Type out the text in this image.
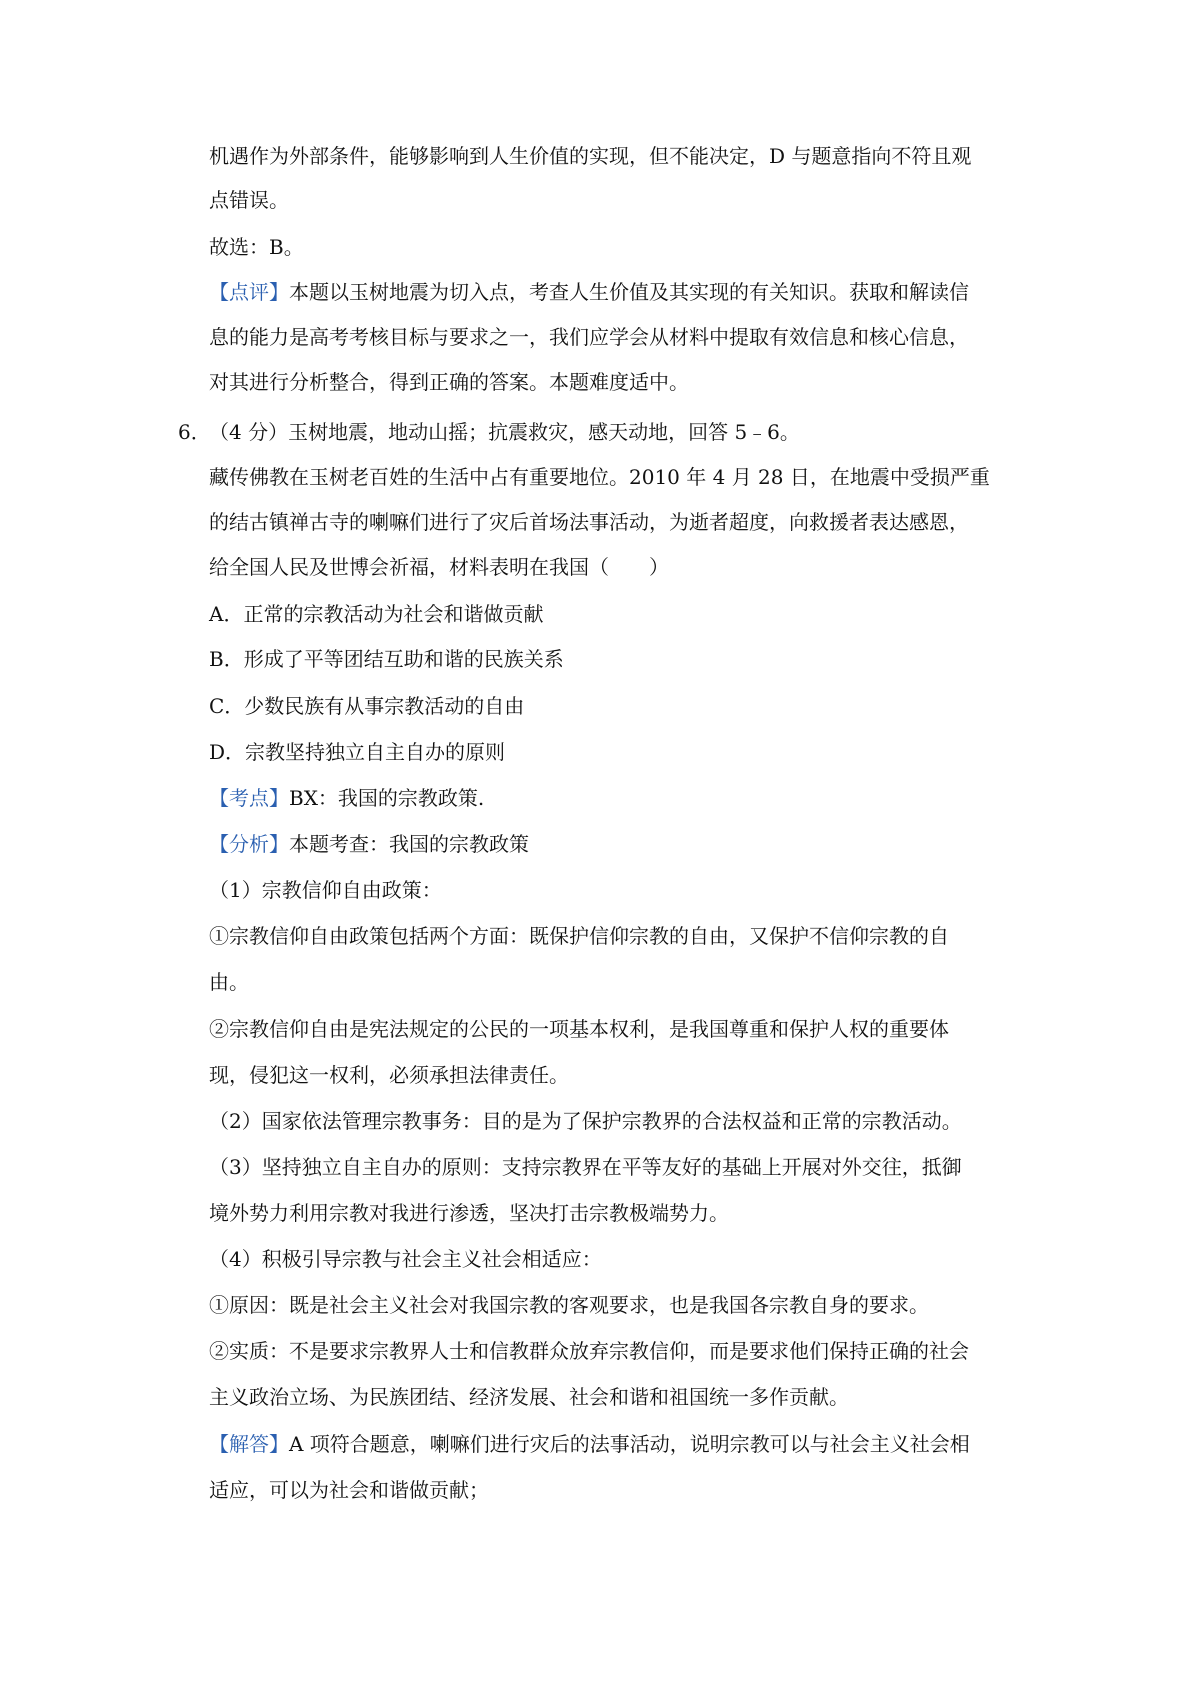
机遇作为外部条件，能够影响到人生价值的实现，但不能决定，D 与题意指向不符且观
点错误。
故选：B。
【点评】本题以玉树地震为切入点，考查人生价值及其实现的有关知识。获取和解读信
息的能力是高考考核目标与要求之一，我们应学会从材料中提取有效信息和核心信息，
对其进行分析整合，得到正确的答案。本题难度适中。
6．
（4 分）玉树地震，地动山摇；抗震救灾，感天动地，回答 5﹣6。
藏传佛教在玉树老百姓的生活中占有重要地位。2010 年 4 月 28 日，在地震中受损严重
的结古镇禅古寺的喇嘛们进行了灾后首场法事活动，为逝者超度，向救援者表达感恩，
给全国人民及世博会祈福，材料表明在我国（　　）
A．正常的宗教活动为社会和谐做贡献
B．形成了平等团结互助和谐的民族关系
C．少数民族有从事宗教活动的自由
D．宗教坚持独立自主自办的原则
【考点】BX：我国的宗教政策.
【分析】本题考查：我国的宗教政策
（1）宗教信仰自由政策：
①宗教信仰自由政策包括两个方面：既保护信仰宗教的自由，又保护不信仰宗教的自
由。
②宗教信仰自由是宪法规定的公民的一项基本权利，是我国尊重和保护人权的重要体
现，侵犯这一权利，必须承担法律责任。
（2）国家依法管理宗教事务：目的是为了保护宗教界的合法权益和正常的宗教活动。
（3）坚持独立自主自办的原则：支持宗教界在平等友好的基础上开展对外交往，抵御
境外势力利用宗教对我进行渗透，坚决打击宗教极端势力。
（4）积极引导宗教与社会主义社会相适应：
①原因：既是社会主义社会对我国宗教的客观要求，也是我国各宗教自身的要求。
②实质：不是要求宗教界人士和信教群众放弃宗教信仰，而是要求他们保持正确的社会
主义政治立场、为民族团结、经济发展、社会和谐和祖国统一多作贡献。
【解答】A 项符合题意，喇嘛们进行灾后的法事活动，说明宗教可以与社会主义社会相
适应，可以为社会和谐做贡献；
